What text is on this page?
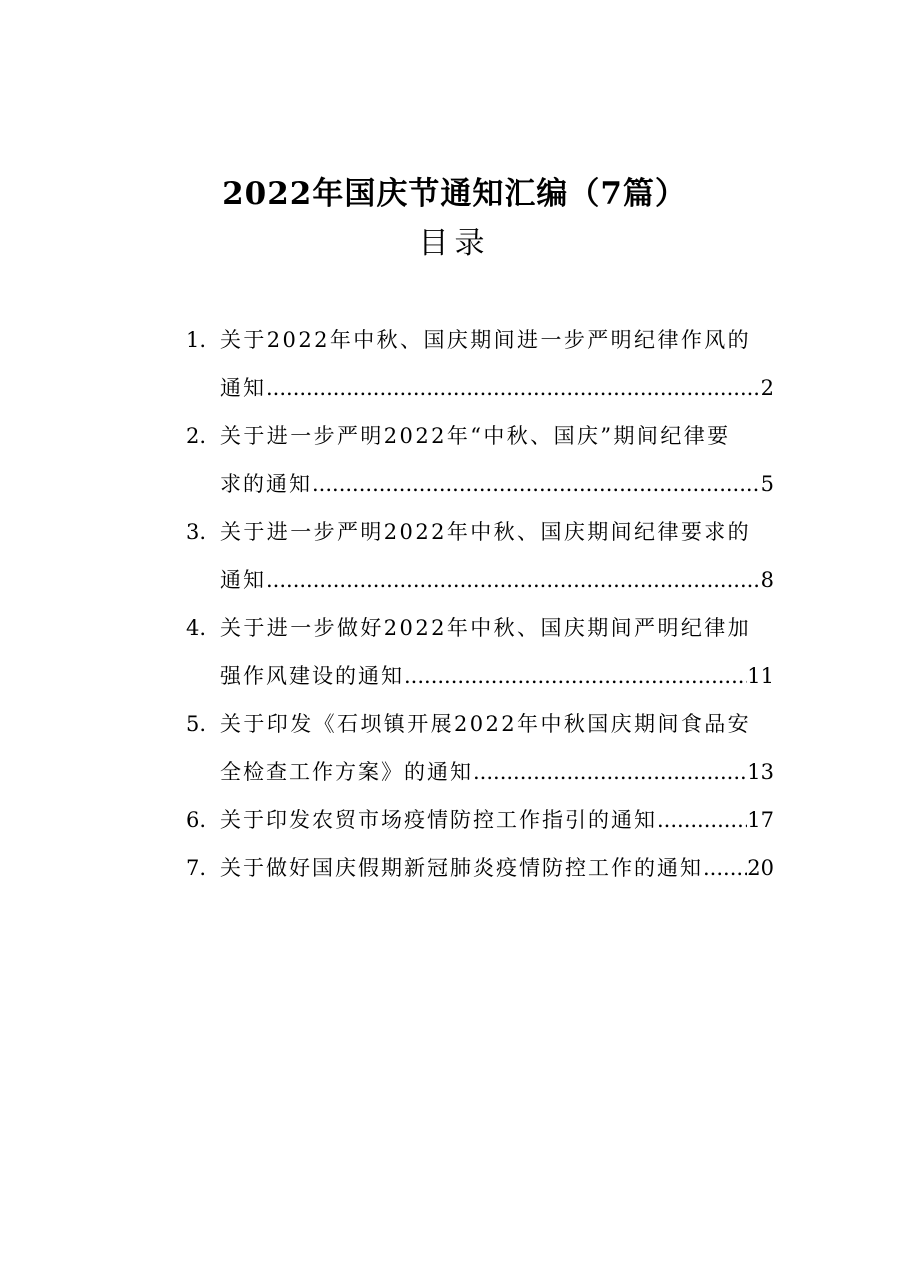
2022年国庆节通知汇编（7篇）
目录
1. 关于2022年中秋、国庆期间进一步严明纪律作风的
通知 .....	2
2. 关于进一步严明2022年“中秋、国庆”期间纪律要
求的通知 .....	5
3. 关于进一步严明2022年中秋、国庆期间纪律要求的
通知 .....	8
4. 关于进一步做好2022年中秋、国庆期间严明纪律加
强作风建设的通知 .....	11
5. 关于印发《石坝镇开展2022年中秋国庆期间食品安
全检查工作方案》的通知 .....	13
6. 关于印发农贸市场疫情防控工作指引的通知 .....	17
7. 关于做好国庆假期新冠肺炎疫情防控工作的通知 ..... 20
